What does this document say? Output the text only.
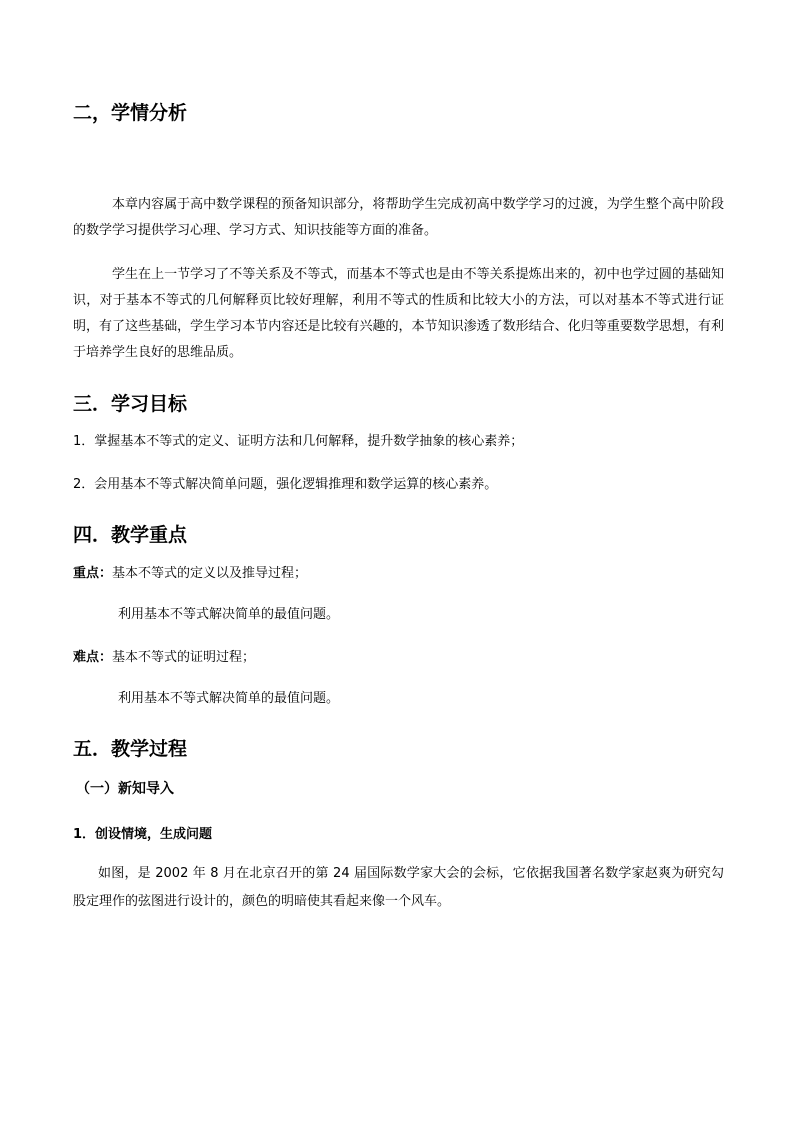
二，学情分析
本章内容属于高中数学课程的预备知识部分，将帮助学生完成初高中数学学习的过渡，为学生整个高中阶段的数学学习提供学习心理、学习方式、知识技能等方面的准备。
学生在上一节学习了不等关系及不等式，而基本不等式也是由不等关系提炼出来的，初中也学过圆的基础知识，对于基本不等式的几何解释页比较好理解，利用不等式的性质和比较大小的方法，可以对基本不等式进行证明，有了这些基础，学生学习本节内容还是比较有兴趣的，本节知识渗透了数形结合、化归等重要数学思想，有利于培养学生良好的思维品质。
三．学习目标
1．掌握基本不等式的定义、证明方法和几何解释，提升数学抽象的核心素养；
2．会用基本不等式解决简单问题，强化逻辑推理和数学运算的核心素养。
四．教学重点
重点：基本不等式的定义以及推导过程；
利用基本不等式解决简单的最值问题。
难点：基本不等式的证明过程；
利用基本不等式解决简单的最值问题。
五．教学过程
（一）新知导入
1．创设情境，生成问题
如图，是 2002 年 8 月在北京召开的第 24 届国际数学家大会的会标，它依据我国著名数学家赵爽为研究勾股定理作的弦图进行设计的，颜色的明暗使其看起来像一个风车。
